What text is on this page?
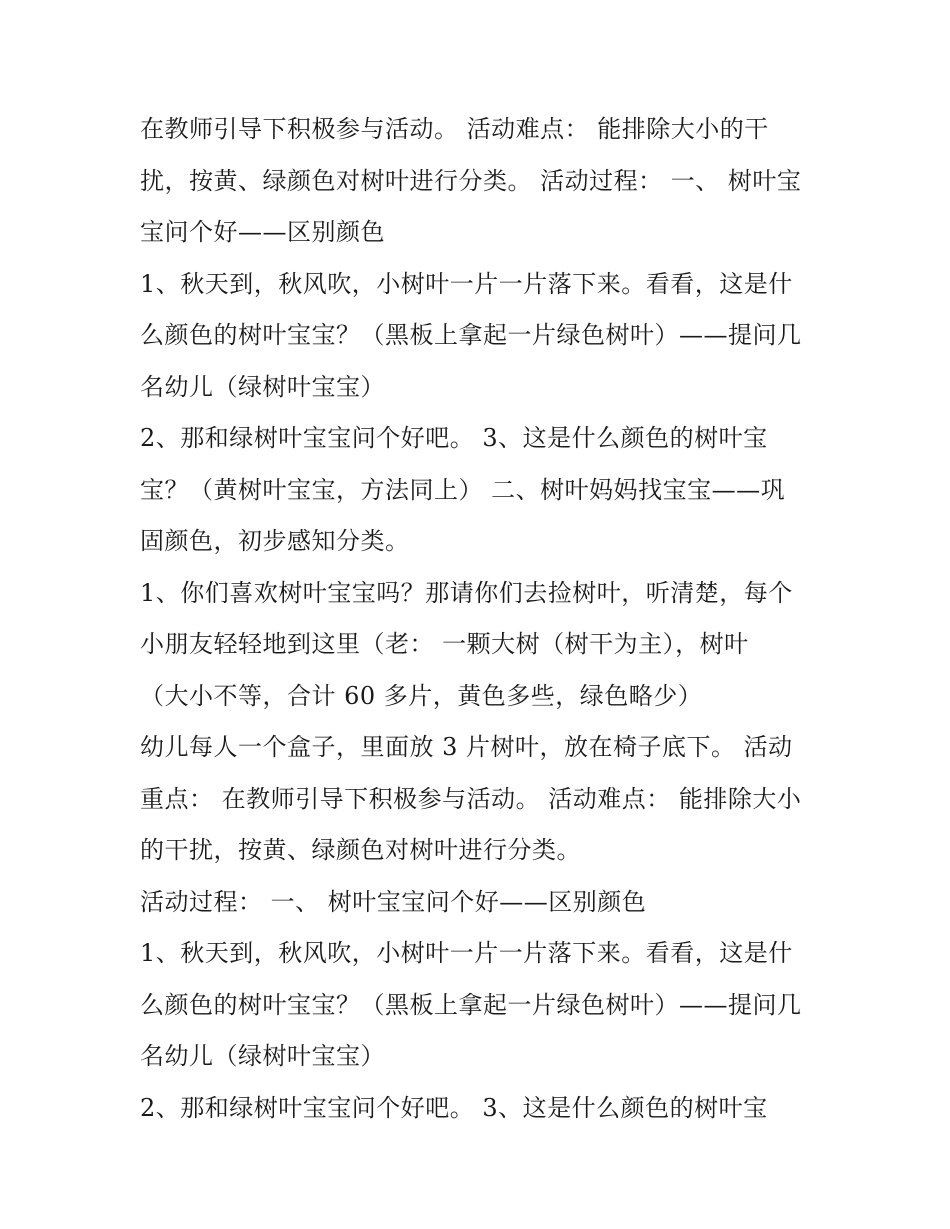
在教师引导下积极参与活动。 活动难点： 能排除大小的干
扰，按黄、绿颜色对树叶进行分类。 活动过程： 一、 树叶宝
宝问个好——区别颜色
1、秋天到，秋风吹，小树叶一片一片落下来。看看，这是什
么颜色的树叶宝宝？（黑板上拿起一片绿色树叶）——提问几
名幼儿（绿树叶宝宝）
2、那和绿树叶宝宝问个好吧。 3、这是什么颜色的树叶宝
宝？（黄树叶宝宝，方法同上） 二、树叶妈妈找宝宝——巩
固颜色，初步感知分类。
1、你们喜欢树叶宝宝吗？那请你们去捡树叶，听清楚，每个
小朋友轻轻地到这里（老： 一颗大树（树干为主），树叶
（大小不等，合计 60 多片，黄色多些，绿色略少）
幼儿每人一个盒子，里面放 3 片树叶，放在椅子底下。 活动
重点： 在教师引导下积极参与活动。 活动难点： 能排除大小
的干扰，按黄、绿颜色对树叶进行分类。
活动过程： 一、 树叶宝宝问个好——区别颜色
1、秋天到，秋风吹，小树叶一片一片落下来。看看，这是什
么颜色的树叶宝宝？（黑板上拿起一片绿色树叶）——提问几
名幼儿（绿树叶宝宝）
2、那和绿树叶宝宝问个好吧。 3、这是什么颜色的树叶宝
